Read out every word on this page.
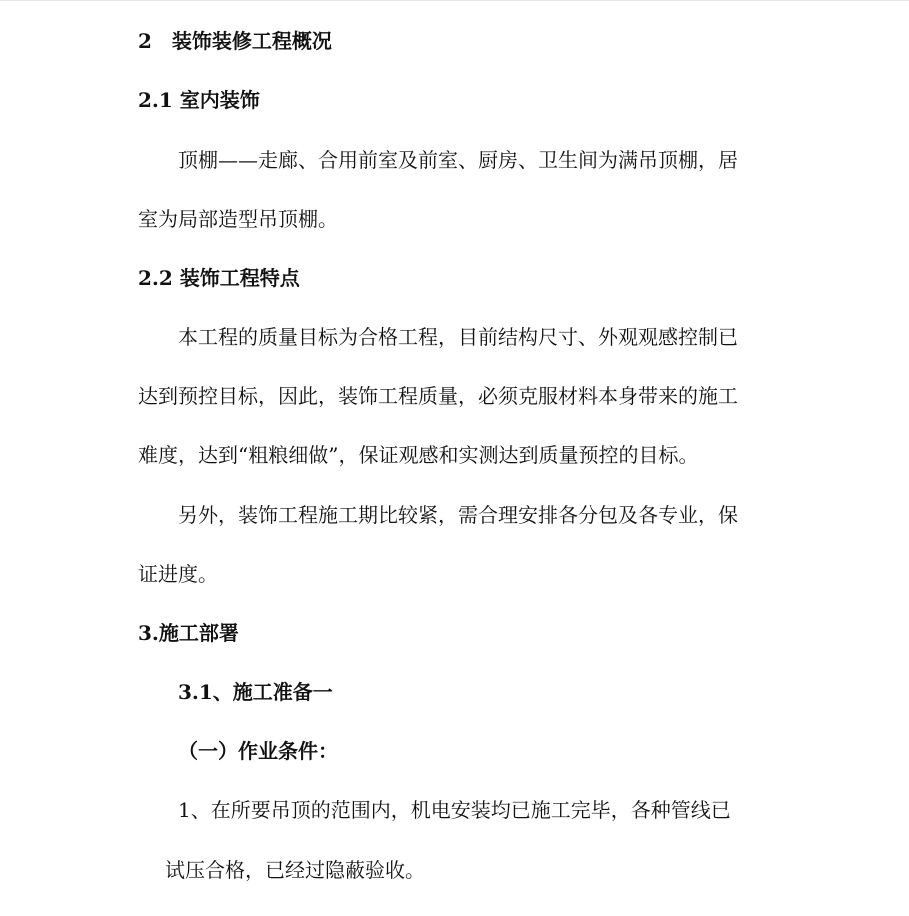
2　装饰装修工程概况

2.1 室内装饰

顶棚——走廊、合用前室及前室、厨房、卫生间为满吊顶棚，居

室为局部造型吊顶棚。

2.2 装饰工程特点

本工程的质量目标为合格工程，目前结构尺寸、外观观感控制已

达到预控目标，因此，装饰工程质量，必须克服材料本身带来的施工

难度，达到“粗粮细做”，保证观感和实测达到质量预控的目标。

另外，装饰工程施工期比较紧，需合理安排各分包及各专业，保

证进度。

3.施工部署

3.1、施工准备一

（一）作业条件：

1、在所要吊顶的范围内，机电安装均已施工完毕，各种管线已

试压合格，已经过隐蔽验收。
